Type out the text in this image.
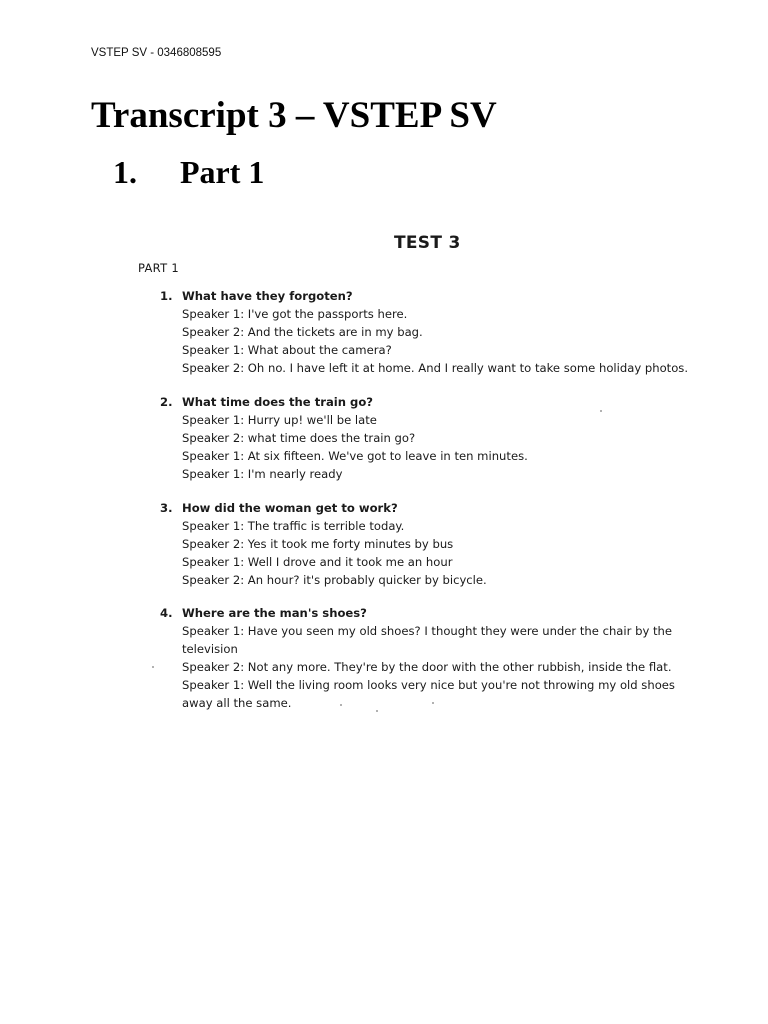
VSTEP SV - 0346808595
Transcript 3 – VSTEP SV
1. Part 1
TEST 3
PART 1
1. What have they forgoten?
Speaker 1: I've got the passports here.
Speaker 2: And the tickets are in my bag.
Speaker 1: What about the camera?
Speaker 2: Oh no. I have left it at home. And I really want to take some holiday photos.
2. What time does the train go?
Speaker 1: Hurry up! we'll be late
Speaker 2: what time does the train go?
Speaker 1: At six fifteen. We've got to leave in ten minutes.
Speaker 1: I'm nearly ready
3. How did the woman get to work?
Speaker 1: The traffic is terrible today.
Speaker 2: Yes it took me forty minutes by bus
Speaker 1: Well I drove and it took me an hour
Speaker 2: An hour? it's probably quicker by bicycle.
4. Where are the man's shoes?
Speaker 1: Have you seen my old shoes? I thought they were under the chair by the television
Speaker 2: Not any more. They're by the door with the other rubbish, inside the flat.
Speaker 1: Well the living room looks very nice but you're not throwing my old shoes away all the same.
